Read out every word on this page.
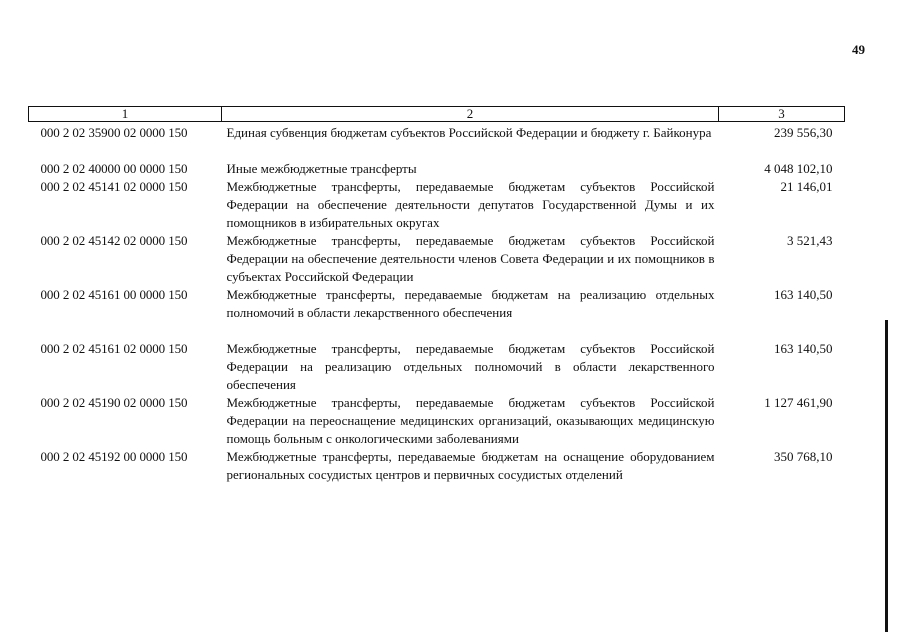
49
1	2	3
000 2 02 35900 02 0000 150	Единая субвенция бюджетам субъектов Российской Федерации и бюджету г. Байконура	239 556,30
000 2 02 40000 00 0000 150	Иные межбюджетные трансферты	4 048 102,10
000 2 02 45141 02 0000 150	Межбюджетные трансферты, передаваемые бюджетам субъектов Российской Федерации на обеспечение деятельности депутатов Государственной Думы и их помощников в избирательных округах	21 146,01
000 2 02 45142 02 0000 150	Межбюджетные трансферты, передаваемые бюджетам субъектов Российской Федерации на обеспечение деятельности членов Совета Федерации и их помощников в субъектах Российской Федерации	3 521,43
000 2 02 45161 00 0000 150	Межбюджетные трансферты, передаваемые бюджетам на реализацию отдельных полномочий в области лекарственного обеспечения	163 140,50
000 2 02 45161 02 0000 150	Межбюджетные трансферты, передаваемые бюджетам субъектов Российской Федерации на реализацию отдельных полномочий в области лекарственного обеспечения	163 140,50
000 2 02 45190 02 0000 150	Межбюджетные трансферты, передаваемые бюджетам субъектов Российской Федерации на переоснащение медицинских организаций, оказывающих медицинскую помощь больным с онкологическими заболеваниями	1 127 461,90
000 2 02 45192 00 0000 150	Межбюджетные трансферты, передаваемые бюджетам на оснащение оборудованием региональных сосудистых центров и первичных сосудистых отделений	350 768,10
